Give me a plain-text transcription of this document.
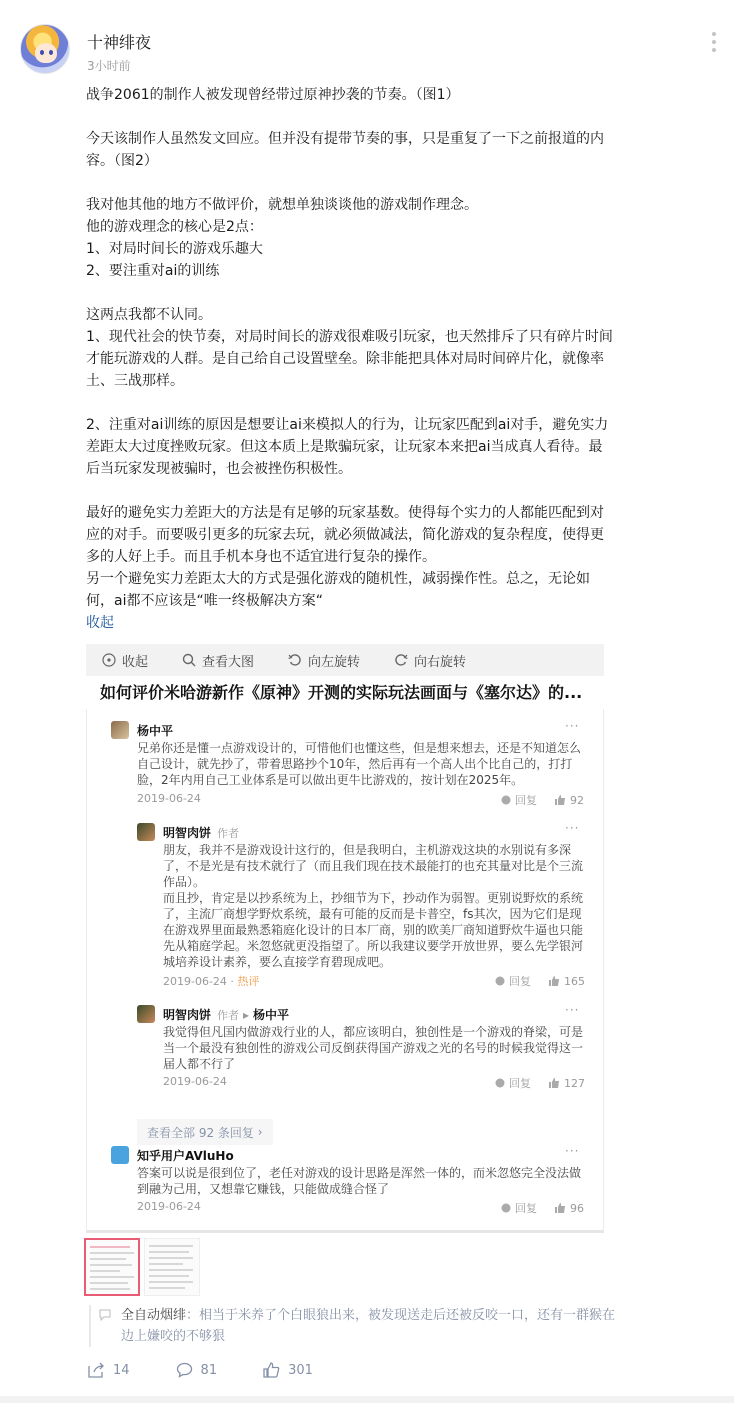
十神绯夜
3小时前

战争2061的制作人被发现曾经带过原神抄袭的节奏。（图1）

今天该制作人虽然发文回应。但并没有提带节奏的事，只是重复了一下之前报道的内容。（图2）

我对他其他的地方不做评价，就想单独谈谈他的游戏制作理念。

他的游戏理念的核心是2点：

1、对局时间长的游戏乐趣大

2、要注重对ai的训练

这两点我都不认同。

1、现代社会的快节奏，对局时间长的游戏很难吸引玩家，也天然排斥了只有碎片时间才能玩游戏的人群。是自己给自己设置壁垒。除非能把具体对局时间碎片化，就像率土、三战那样。

2、注重对ai训练的原因是想要让ai来模拟人的行为，让玩家匹配到ai对手，避免实力差距太大过度挫败玩家。但这本质上是欺骗玩家，让玩家本来把ai当成真人看待。最后当玩家发现被骗时，也会被挫伤积极性。

最好的避免实力差距大的方法是有足够的玩家基数。使得每个实力的人都能匹配到对应的对手。而要吸引更多的玩家去玩，就必须做减法，简化游戏的复杂程度，使得更多的人好上手。而且手机本身也不适宜进行复杂的操作。

另一个避免实力差距太大的方式是强化游戏的随机性，减弱操作性。总之，无论如何，ai都不应该是“唯一终极解决方案“

收起
收起	查看大图	向左旋转	向右旋转
如何评价米哈游新作《原神》开测的实际玩法画面与《塞尔达》的...
杨中平	···
兄弟你还是懂一点游戏设计的，可惜他们也懂这些，但是想来想去，还是不知道怎么自己设计，就先抄了，带着思路抄个10年，然后再有一个高人出个比自己的，打打脸，2年内用自己工业体系是可以做出更牛比游戏的，按计划在2025年。
2019-06-24	回复	92
明智肉饼 作者	···
朋友，我并不是游戏设计这行的，但是我明白，主机游戏这块的水别说有多深了，不是光是有技术就行了（而且我们现在技术最能打的也充其量对比是个三流作品）。
而且抄，肯定是以抄系统为上，抄细节为下，抄动作为弱智。更别说野炊的系统了，主流厂商想学野炊系统，最有可能的反而是卡普空，fs其次，因为它们是现在游戏界里面最熟悉箱庭化设计的日本厂商，别的欧美厂商知道野炊牛逼也只能先从箱庭学起。米忽悠就更没指望了。所以我建议要学开放世界，要么先学银河城培养设计素养，要么直接学育碧现成吧。
2019-06-24 · 热评	回复	165
明智肉饼 作者 ▸ 杨中平	···
我觉得但凡国内做游戏行业的人，都应该明白，独创性是一个游戏的脊梁，可是当一个最没有独创性的游戏公司反倒获得国产游戏之光的名号的时候我觉得这一届人都不行了
2019-06-24	回复	127
查看全部 92 条回复
›
知乎用户AVluHo	···
答案可以说是很到位了，老任对游戏的设计思路是浑然一体的，而米忽悠完全没法做到融为己用，又想靠它赚钱，只能做成缝合怪了
2019-06-24	回复	96
全自动烟绯：相当于米养了个白眼狼出来，被发现送走后还被反咬一口，还有一群猴在边上嫌咬的不够狠
14	81	301
